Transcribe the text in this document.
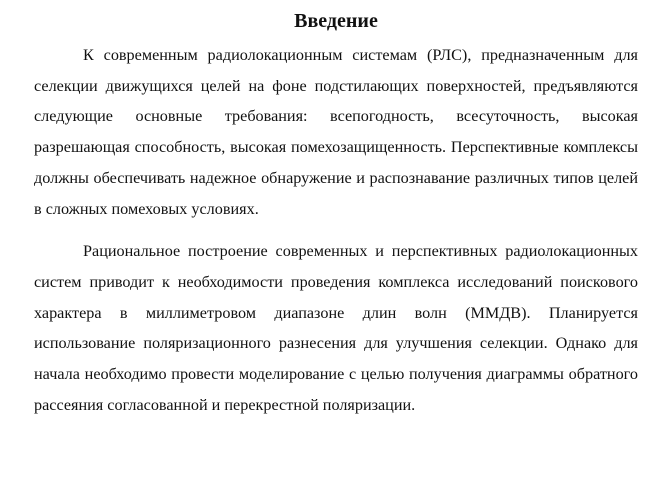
Введение

К современным радиолокационным системам (РЛС), предназначенным для селекции движущихся целей на фоне подстилающих поверхностей, предъявляются следующие основные требования: всепогодность, всесуточность, высокая разрешающая способность, высокая помехозащищенность. Перспективные комплексы должны обеспечивать надежное обнаружение и распознавание различных типов целей в сложных помеховых условиях.

Рациональное построение современных и перспективных радиолокационных систем приводит к необходимости проведения комплекса исследований поискового характера в миллиметровом диапазоне длин волн (ММДВ). Планируется использование поляризационного разнесения для улучшения селекции. Однако для начала необходимо провести моделирование с целью получения диаграммы обратного рассеяния согласованной и перекрестной поляризации.
